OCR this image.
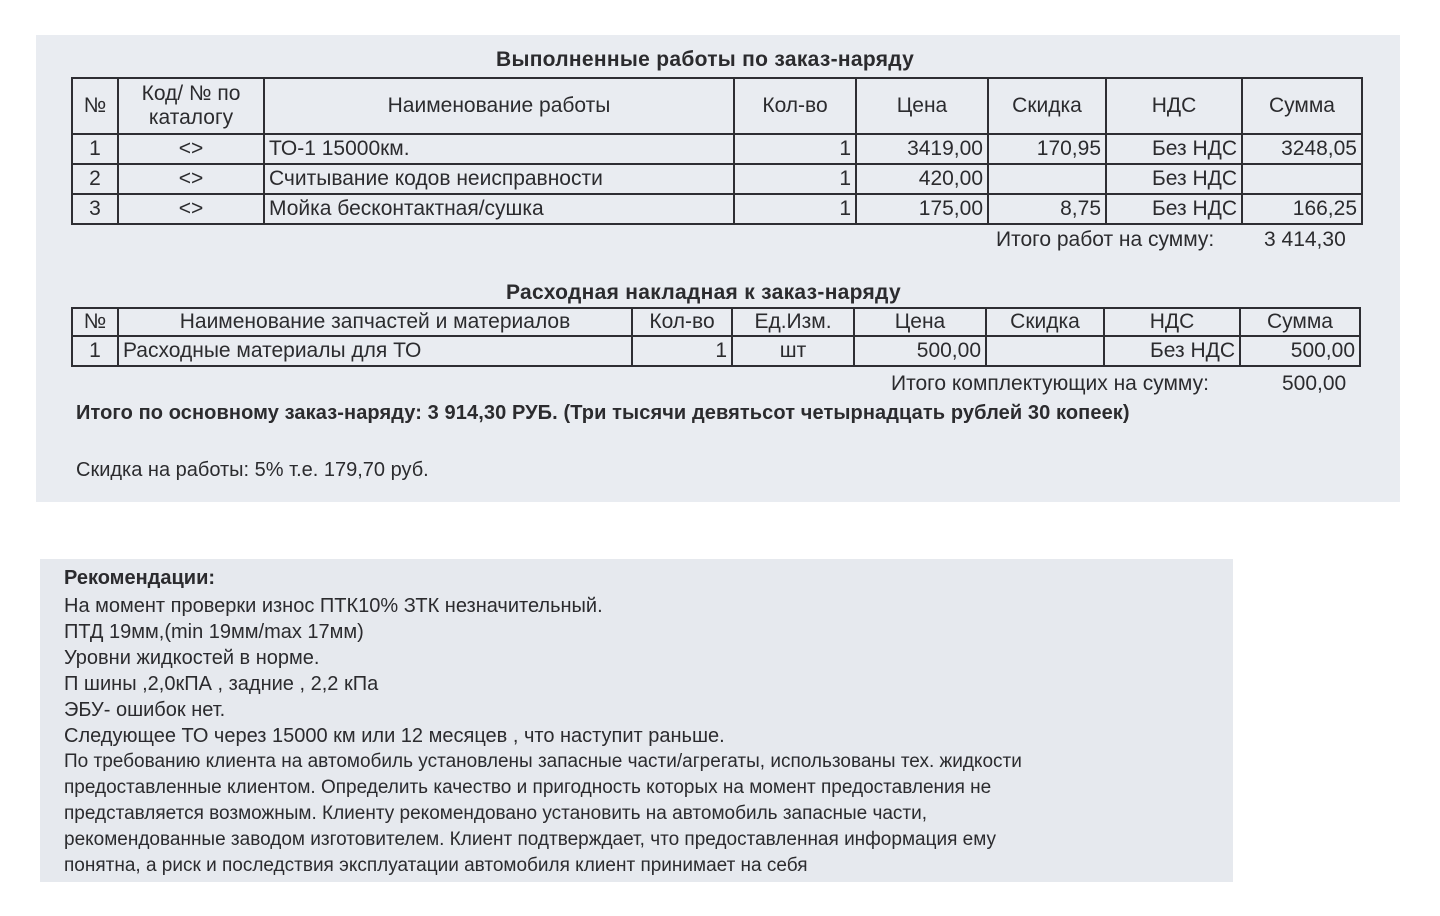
Выполненные работы по заказ-наряду
№	Код/ № по каталогу	Наименование работы	Кол-во	Цена	Скидка	НДС	Сумма
1	<>	ТО-1 15000км.	1	3419,00	170,95	Без НДС	3248,05
2	<>	Считывание кодов неисправности	1	420,00		Без НДС	
3	<>	Мойка бесконтактная/сушка	1	175,00	8,75	Без НДС	166,25
Итого работ на сумму: 3 414,30
Расходная накладная к заказ-наряду
№	Наименование запчастей и материалов	Кол-во	Ед.Изм.	Цена	Скидка	НДС	Сумма
1	Расходные материалы для ТО	1	шт	500,00		Без НДС	500,00
Итого комплектующих на сумму:	500,00
Итого по основному заказ-наряду: 3 914,30 РУБ. (Три тысячи девятьсот четырнадцать рублей 30 копеек)
Скидка на работы: 5% т.е. 179,70 руб.
Рекомендации:
На момент проверки износ ПТК10% ЗТК незначительный.
ПТД 19мм,(min 19мм/max 17мм)
Уровни жидкостей в норме.
П шины ,2,0кПА , задние , 2,2 кПа
ЭБУ- ошибок нет.
Следующее ТО через 15000 км или 12 месяцев , что наступит раньше.
По требованию клиента на автомобиль установлены запасные части/агрегаты, использованы тех. жидкости
предоставленные клиентом. Определить качество и пригодность которых на момент предоставления не
представляется возможным. Клиенту рекомендовано установить на автомобиль запасные части,
рекомендованные заводом изготовителем. Клиент подтверждает, что предоставленная информация ему
понятна, а риск и последствия эксплуатации автомобиля клиент принимает на себя
